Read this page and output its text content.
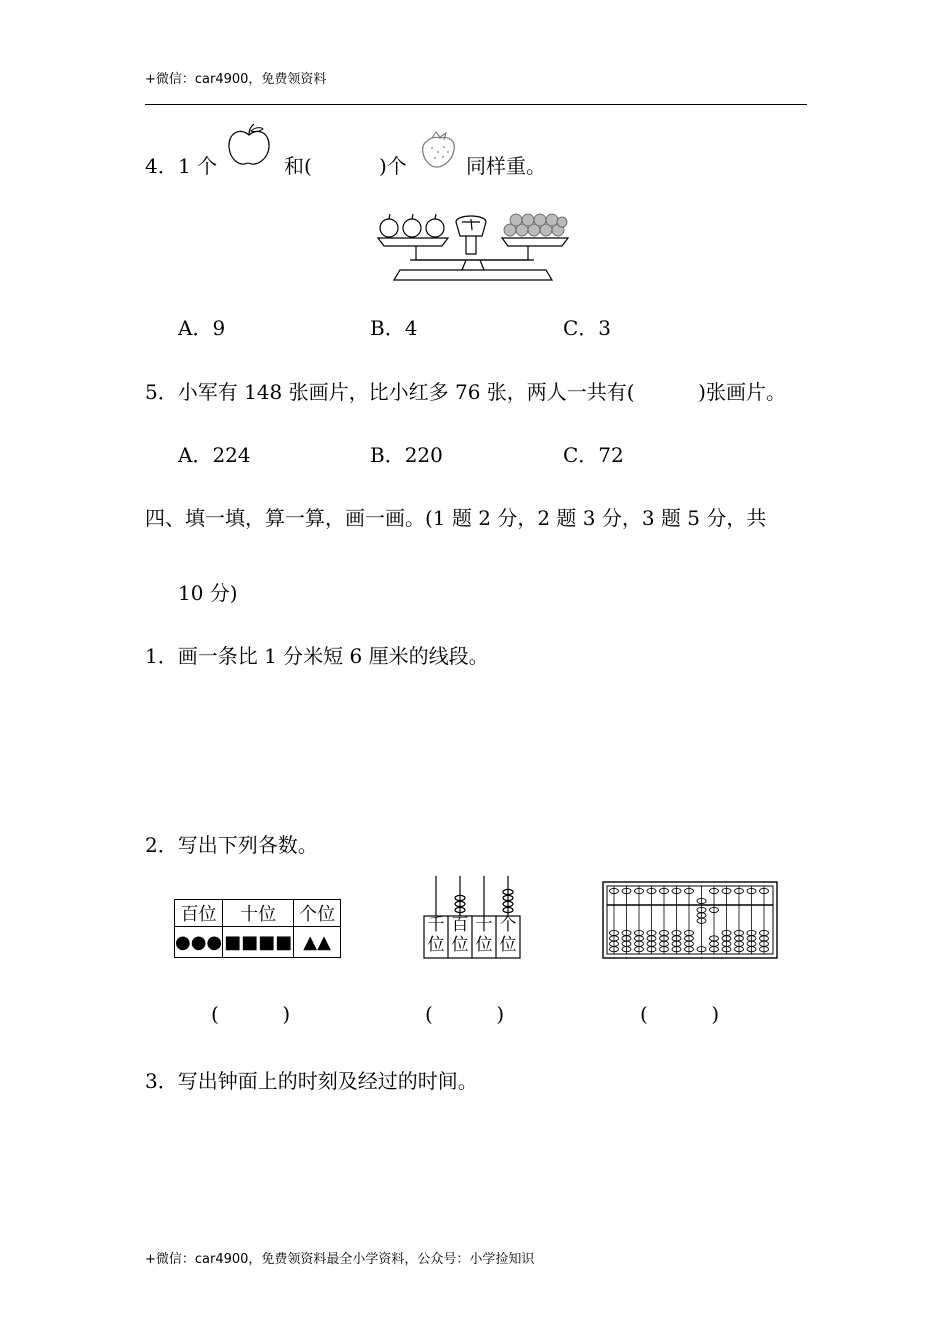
+微信：car4900，免费领资料
4． 1 个	和(	)个	同样重。
A．9	B．4	C．3
5．小军有 148 张画片，比小红多 76 张，两人一共有(          )张画片。
A．224	B．220	C．72
四、填一填，算一算，画一画。(1 题 2 分，2 题 3 分，3 题 5 分，共
10 分)
1．画一条比 1 分米短 6 厘米的线段。
2．写出下列各数。
百位	十位	个位
●●●	■■■■	▲▲
千
位
百
位
十
位
个
位
(          )	(          )	(          )
3．写出钟面上的时刻及经过的时间。
+微信：car4900，免费领资料最全小学资料，公众号：小学捡知识
